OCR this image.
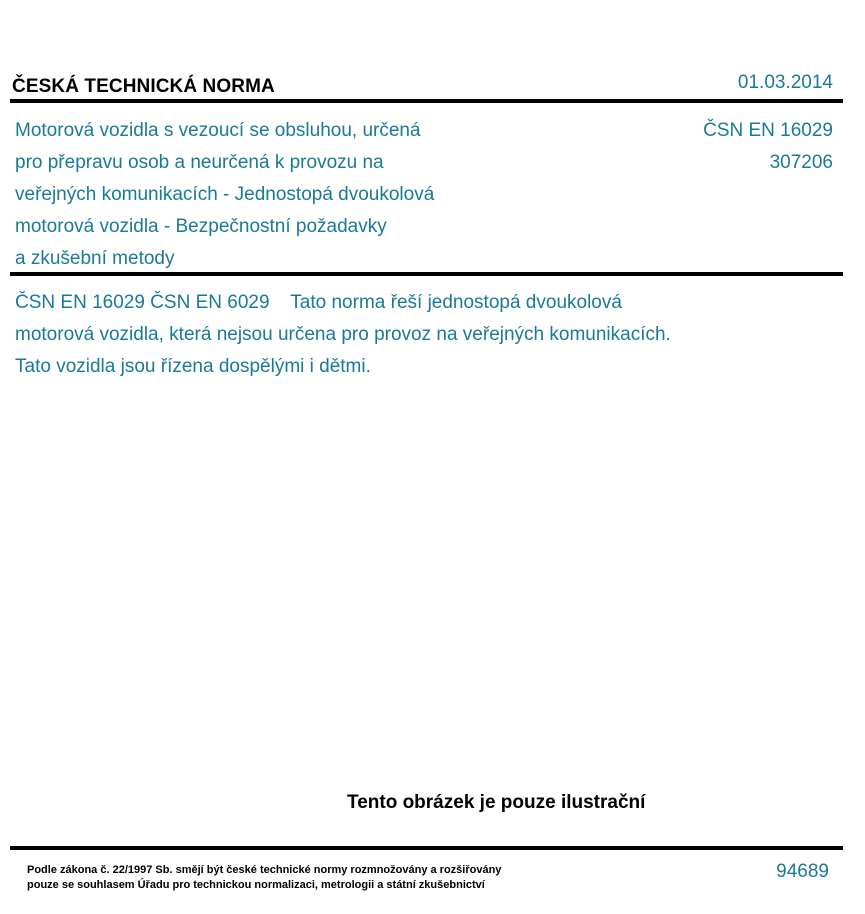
ČESKÁ TECHNICKÁ NORMA	01.03.2014
Motorová vozidla s vezoucí se obsluhou, určená
pro přepravu osob a neurčená k provozu na
veřejných komunikacích - Jednostopá dvoukolová
motorová vozidla - Bezpečnostní požadavky
a zkušební metody
ČSN EN 16029
307206
ČSN EN 16029 ČSN EN 6029    Tato norma řeší jednostopá dvoukolová
motorová vozidla, která nejsou určena pro provoz na veřejných komunikacích.
Tato vozidla jsou řízena dospělými i dětmi.
Tento obrázek je pouze ilustrační
Podle zákona č. 22/1997 Sb. smějí být české technické normy rozmnožovány a rozšiřovány
pouze se souhlasem Úřadu pro technickou normalizaci, metrologii a státní zkušebnictví
94689
